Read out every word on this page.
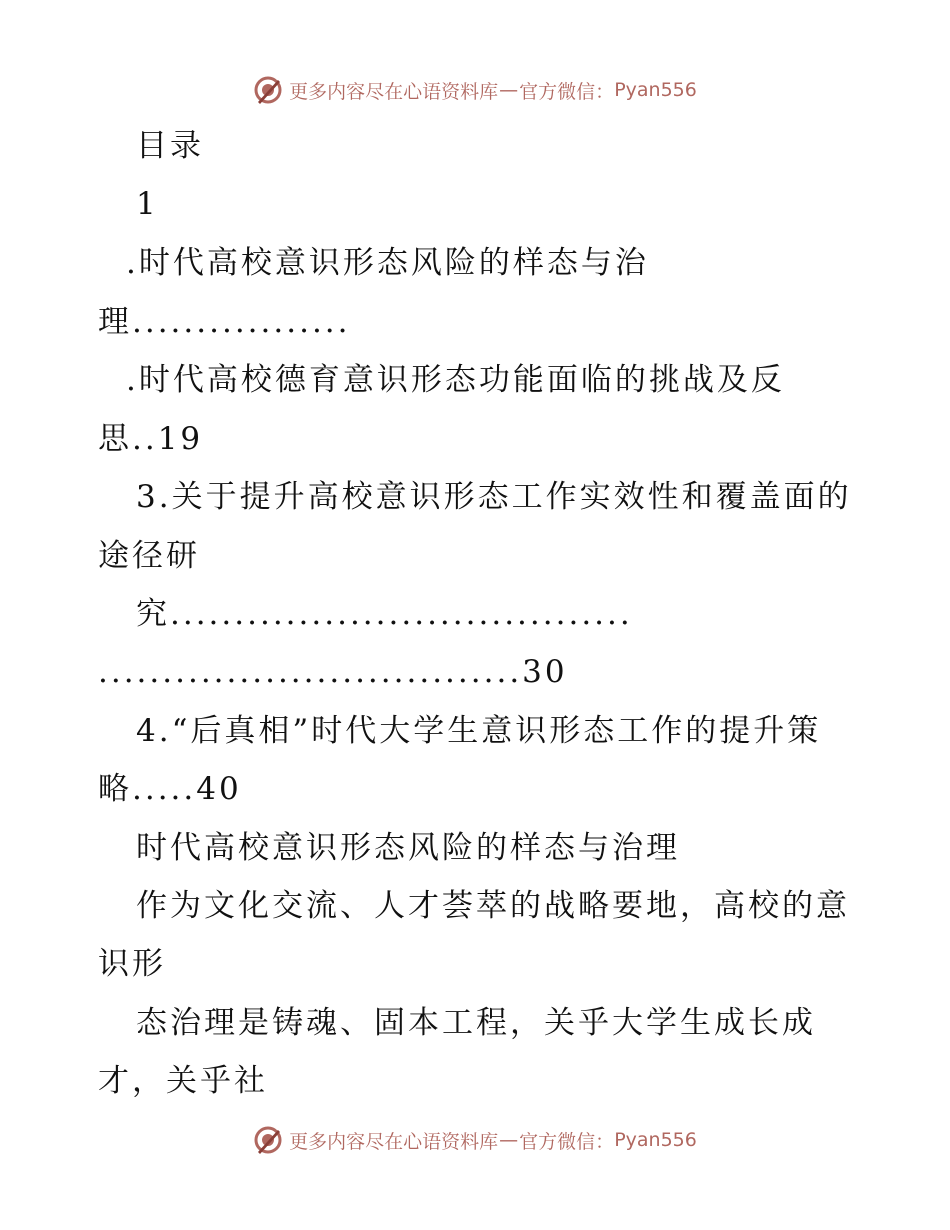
更多内容尽在心语资料库 — 官方微信： Pyan556
目录
1
.时代高校意识形态风险的样态与治
理.................
.时代高校德育意识形态功能面临的挑战及反
思..19
3.关于提升高校意识形态工作实效性和覆盖面的
途径研
究....................................
.................................30
4.“后真相”时代大学生意识形态工作的提升策
略.....40
时代高校意识形态风险的样态与治理
作为文化交流、人才荟萃的战略要地，高校的意
识形
态治理是铸魂、固本工程，关乎大学生成长成
才，关乎社
更多内容尽在心语资料库 — 官方微信： Pyan556
